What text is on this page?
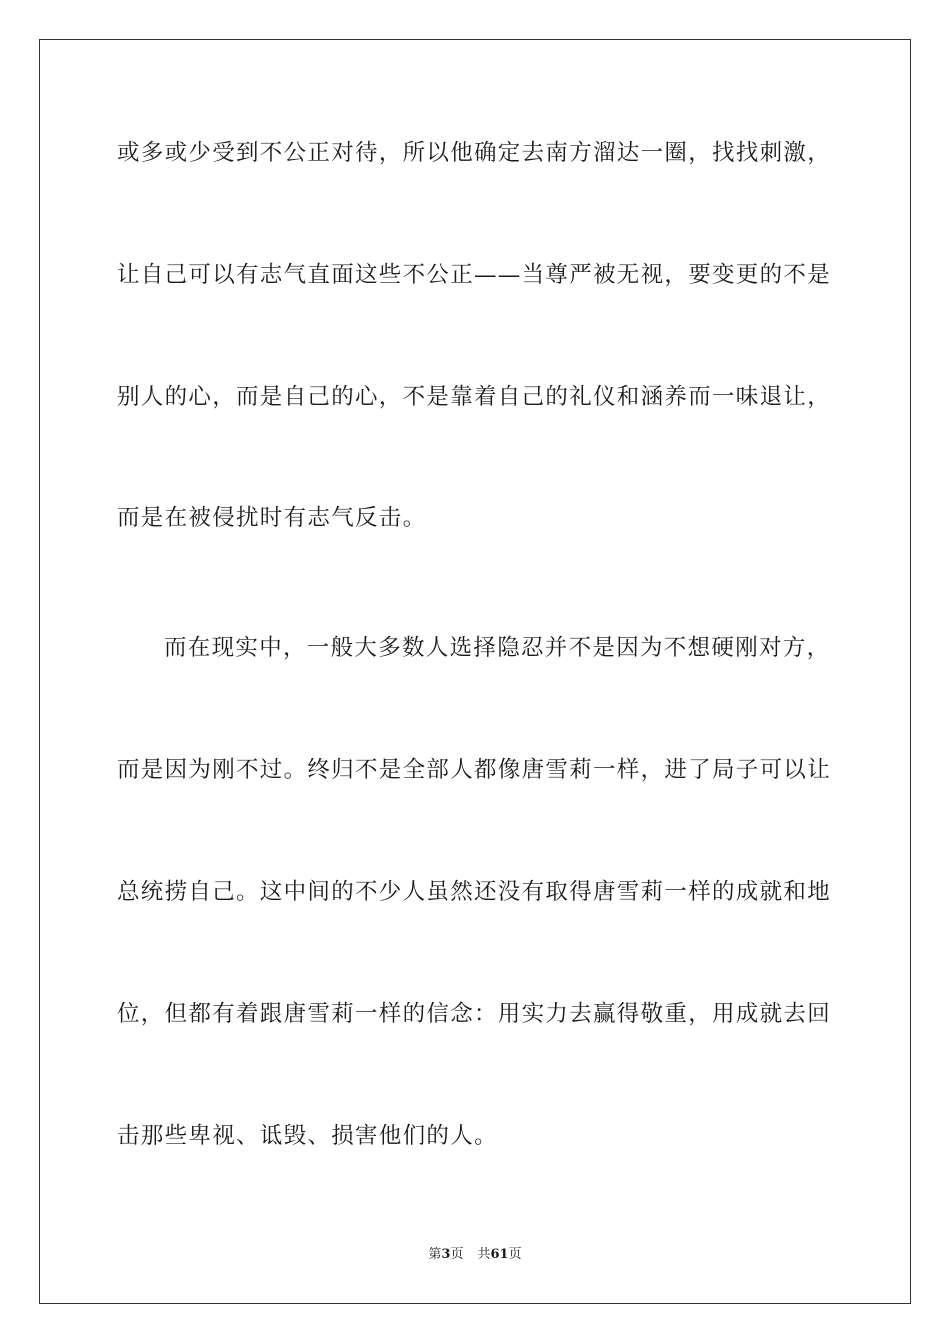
或多或少受到不公正对待，所以他确定去南方溜达一圈，找找刺激，
让自己可以有志气直面这些不公正——当尊严被无视，要变更的不是
别人的心，而是自己的心，不是靠着自己的礼仪和涵养而一味退让，
而是在被侵扰时有志气反击。
而在现实中，一般大多数人选择隐忍并不是因为不想硬刚对方，
而是因为刚不过。终归不是全部人都像唐雪莉一样，进了局子可以让
总统捞自己。这中间的不少人虽然还没有取得唐雪莉一样的成就和地
位，但都有着跟唐雪莉一样的信念：用实力去赢得敬重，用成就去回
击那些卑视、诋毁、损害他们的人。
第3页 共61页
